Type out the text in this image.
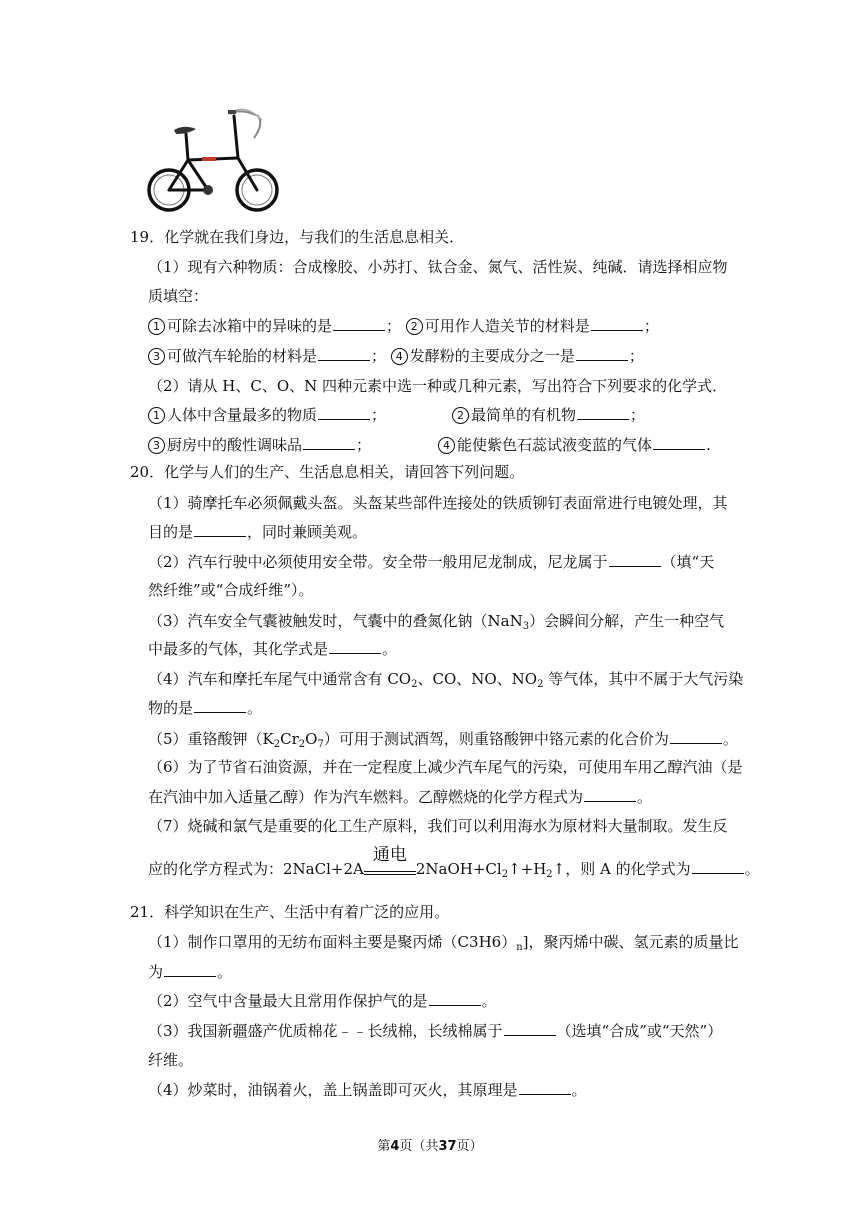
19．化学就在我们身边，与我们的生活息息相关．
（1）现有六种物质：合成橡胶、小苏打、钛合金、氮气、活性炭、纯碱．请选择相应物
质填空：
1 可除去冰箱中的异味的是	； 2 可用作人造关节的材料是	；
3 可做汽车轮胎的材料是	； 4 发酵粉的主要成分之一是	；
（2）请从 H、C、O、N 四种元素中选一种或几种元素，写出符合下列要求的化学式．
1 人体中含量最多的物质	；	2 最简单的有机物	；
3 厨房中的酸性调味品	；	4 能使紫色石蕊试液变蓝的气体	.
20．化学与人们的生产、生活息息相关，请回答下列问题。
（1）骑摩托车必须佩戴头盔。头盔某些部件连接处的铁质铆钉表面常进行电镀处理，其
目的是	，同时兼顾美观。
（2）汽车行驶中必须使用安全带。安全带一般用尼龙制成，尼龙属于	（填“天
然纤维”或“合成纤维”）。
（3）汽车安全气囊被触发时，气囊中的叠氮化钠（NaN$_3$）会瞬间分解，产生一种空气
中最多的气体，其化学式是	。
（4）汽车和摩托车尾气中通常含有 $CO_2$、CO、NO、$NO_2$ 等气体，其中不属于大气污染
物的是	。
（5）重铬酸钾$(K_2Cr_2O_7)$可用于测试酒驾，则重铬酸钾中铬元素的化合价为	。
（6）为了节省石油资源，并在一定程度上减少汽车尾气的污染，可使用车用乙醇汽油（是
在汽油中加入适量乙醇）作为汽车燃料。乙醇燃烧的化学方程式为	。
（7）烧碱和氯气是重要的化工生产原料，我们可以利用海水为原材料大量制取。发生反
应的化学方程式为：2NaCl+2A
通电
$2NaOH+Cl_2↑+H_2↑$，则 A 的化学式为	。
21．科学知识在生产、生活中有着广泛的应用。
（1）制作口罩用的无纺布面料主要是聚丙烯$(C3H6)_n$]，聚丙烯中碳、氢元素的质量比
为	。
（2）空气中含量最大且常用作保护气的是	。
（3）我国新疆盛产优质棉花﹣﹣长绒棉，长绒棉属于	（选填“合成”或“天然”）
纤维。
（4）炒菜时，油锅着火，盖上锅盖即可灭火，其原理是	。
第4页（共37页）
